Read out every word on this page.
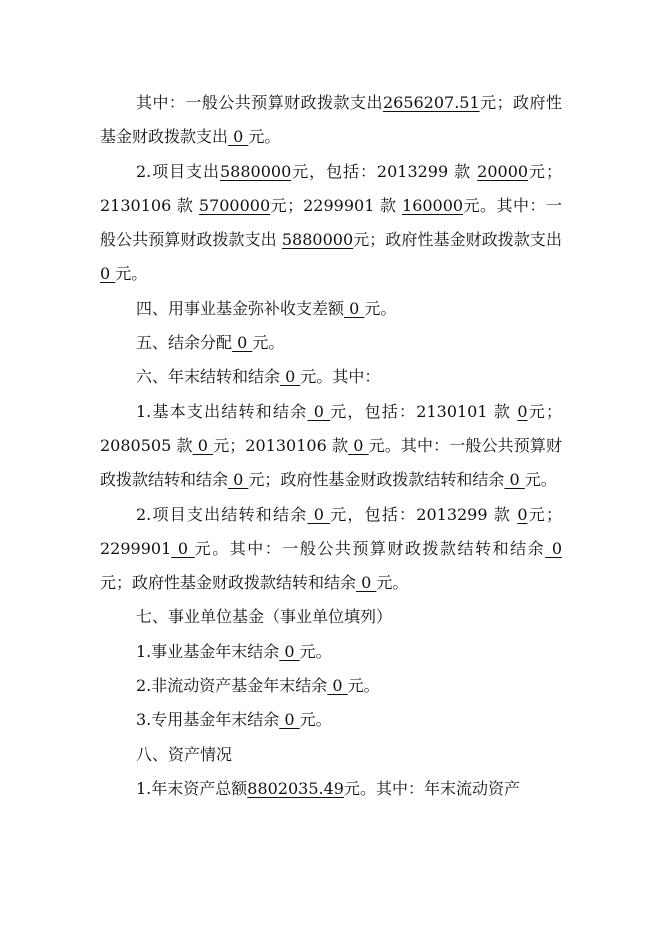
其中：一般公共预算财政拨款支出2656207.51元；政府性基金财政拨款支出 0 元。

2.项目支出5880000元，包括：2013299 款 20000元；2130106 款 5700000元；2299901 款 160000元。其中：一般公共预算财政拨款支出 5880000元；政府性基金财政拨款支出 0 元。

四、用事业基金弥补收支差额 0 元。

五、结余分配 0 元。

六、年末结转和结余 0 元。其中：

1.基本支出结转和结余 0 元，包括：2130101 款 0元；2080505 款 0 元；20130106 款 0 元。其中：一般公共预算财政拨款结转和结余 0 元；政府性基金财政拨款结转和结余 0 元。

2.项目支出结转和结余 0 元，包括：2013299 款 0元；2299901 0 元。其中：一般公共预算财政拨款结转和结余 0 元；政府性基金财政拨款结转和结余 0 元。

七、事业单位基金（事业单位填列）

1.事业基金年末结余 0 元。

2.非流动资产基金年末结余 0 元。

3.专用基金年末结余 0 元。

八、资产情况

1.年末资产总额8802035.49元。其中：年末流动资产
